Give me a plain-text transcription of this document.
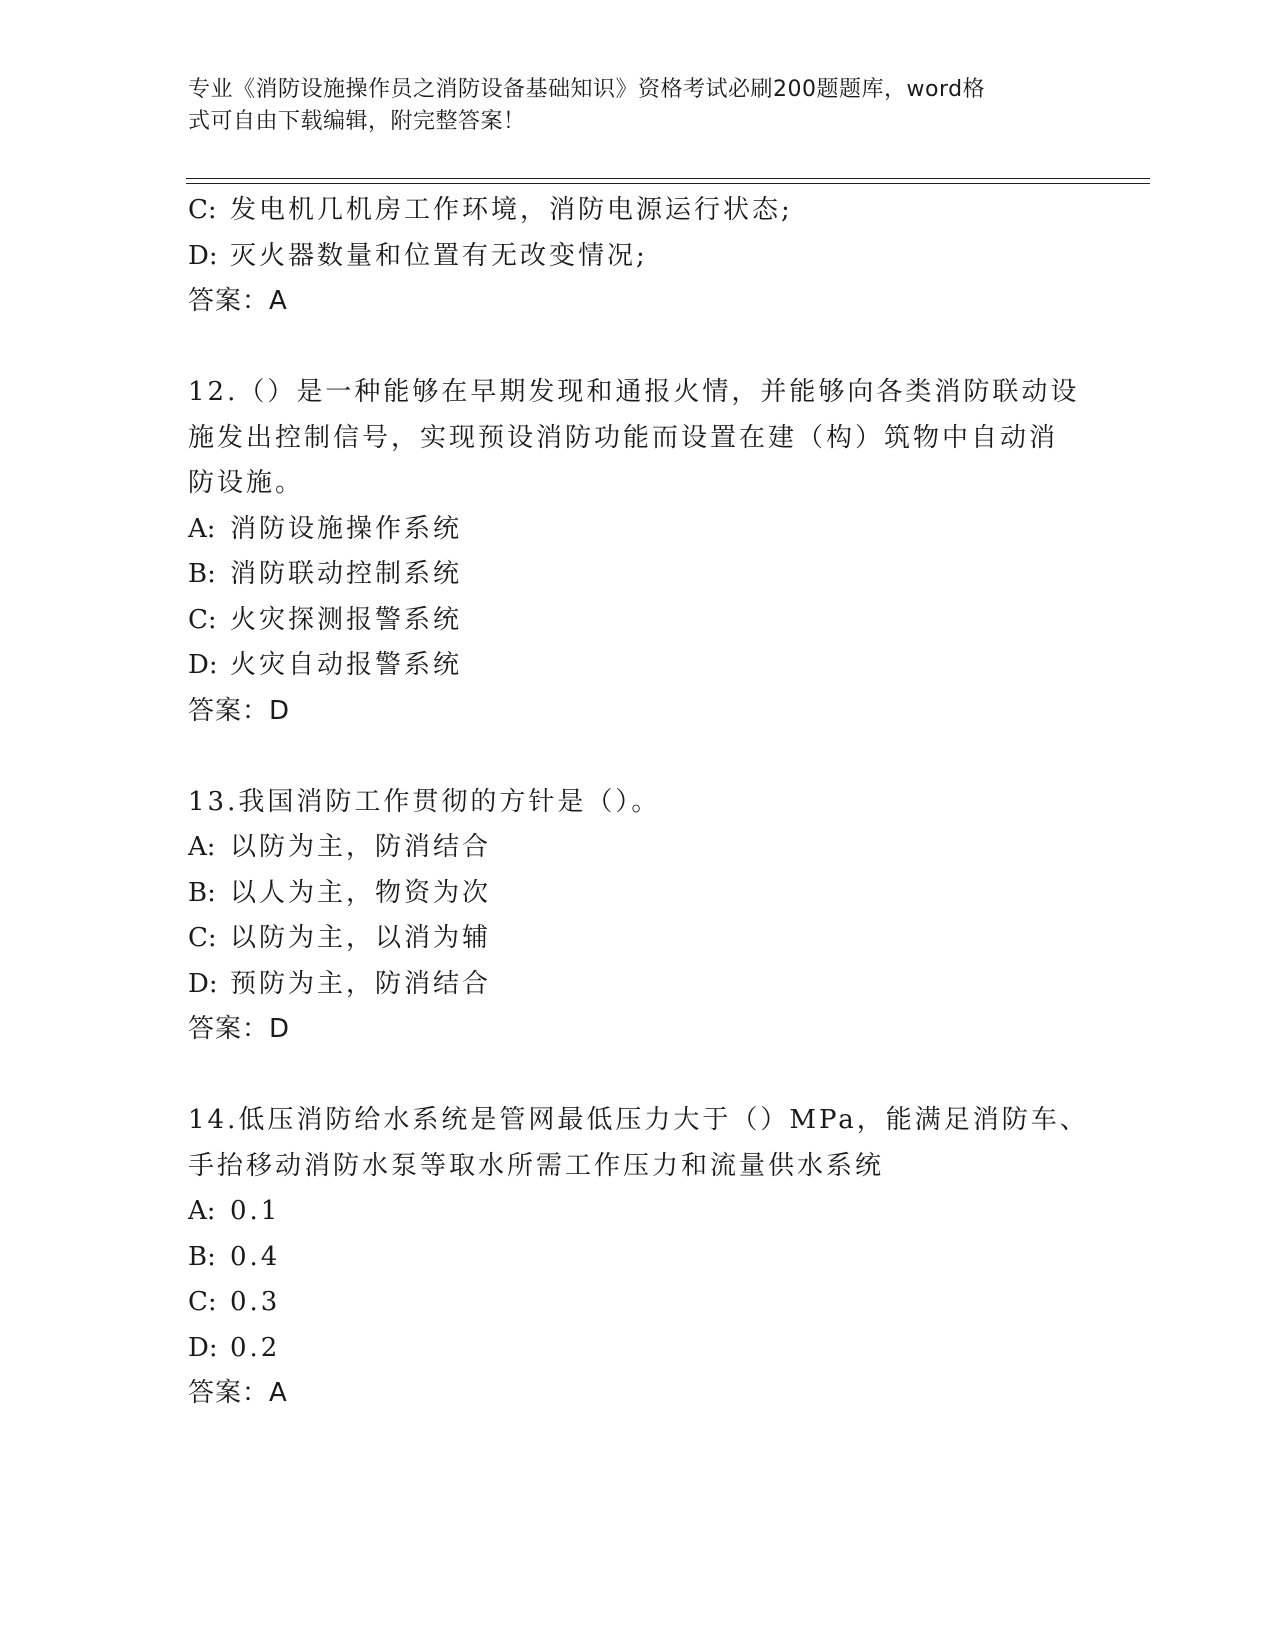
专业《消防设施操作员之消防设备基础知识》资格考试必刷200题题库，word格
式可自由下载编辑，附完整答案！
C: 发电机几机房工作环境，消防电源运行状态;
D: 灭火器数量和位置有无改变情况;
答案：A
12.（）是一种能够在早期发现和通报火情，并能够向各类消防联动设
施发出控制信号，实现预设消防功能而设置在建（构）筑物中自动消
防设施。
A: 消防设施操作系统
B: 消防联动控制系统
C: 火灾探测报警系统
D: 火灾自动报警系统
答案：D
13.我国消防工作贯彻的方针是（）。
A: 以防为主，防消结合
B: 以人为主，物资为次
C: 以防为主，以消为辅
D: 预防为主，防消结合
答案：D
14.低压消防给水系统是管网最低压力大于（）MPa，能满足消防车、
手抬移动消防水泵等取水所需工作压力和流量供水系统
A: 0.1
B: 0.4
C: 0.3
D: 0.2
答案：A
